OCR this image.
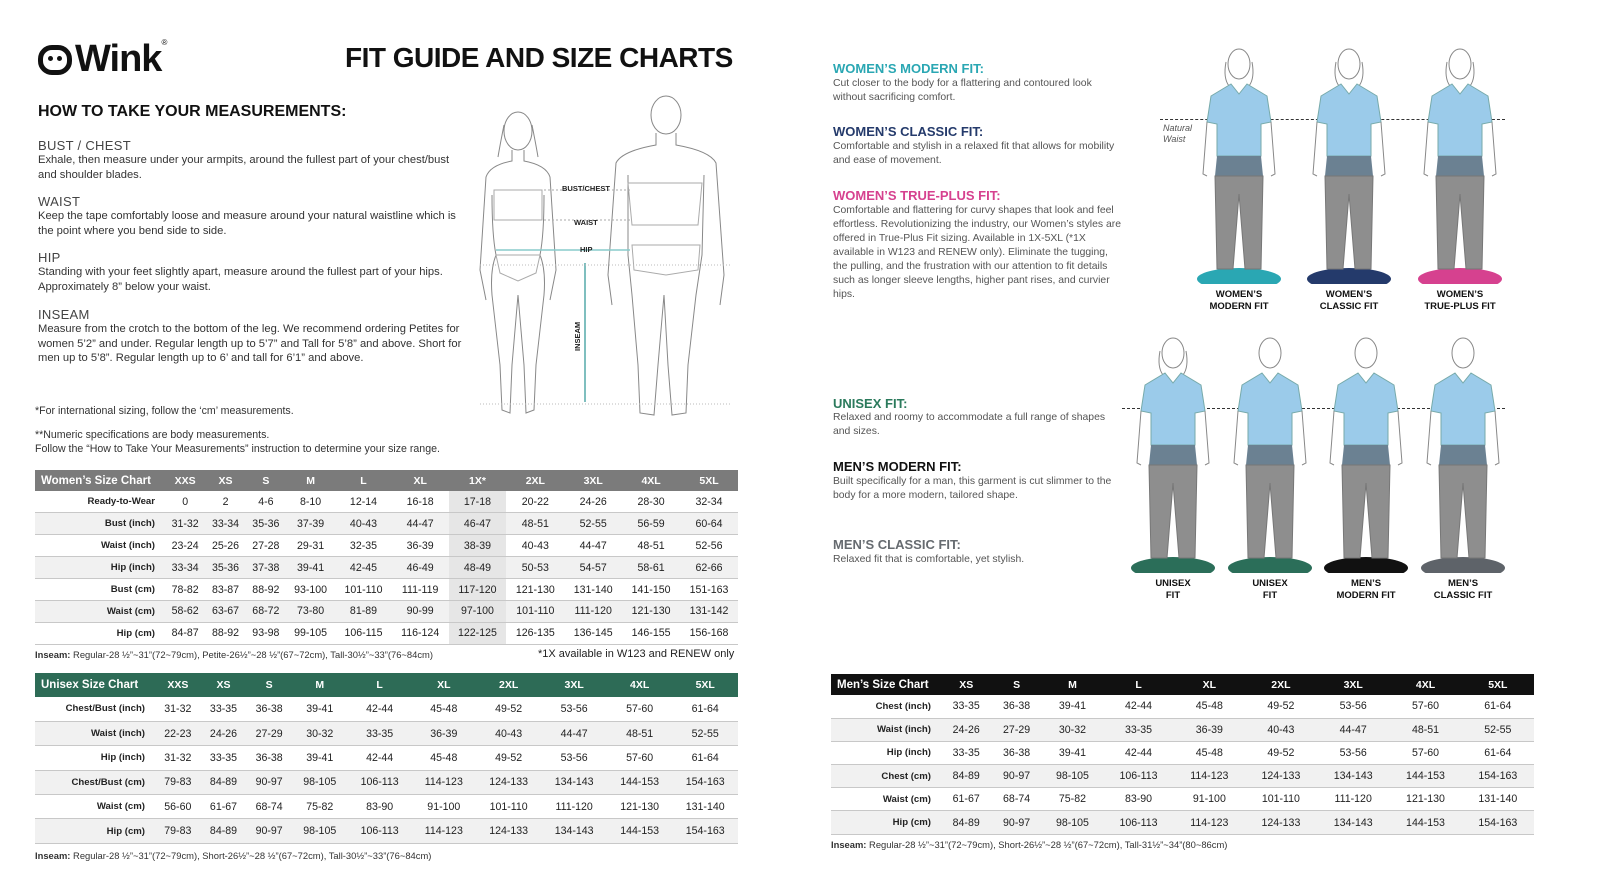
Wink ®	FIT GUIDE AND SIZE CHARTS
HOW TO TAKE YOUR MEASUREMENTS:
BUST / CHEST

Exhale, then measure under your armpits, around the fullest part of your chest/bust and shoulder blades.

WAIST

Keep the tape comfortably loose and measure around your natural waistline which is the point where you bend side to side.

HIP

Standing with your feet slightly apart, measure around the fullest part of your hips. Approximately 8” below your waist.

INSEAM

Measure from the crotch to the bottom of the leg. We recommend ordering Petites for women 5’2” and under. Regular length up to 5’7” and Tall for 5’8” and above. Short for men up to 5’8”. Regular length up to 6’ and tall for 6’1” and above.

*For international sizing, follow the ‘cm’ measurements.
**Numeric specifications are body measurements.
Follow the “How to Take Your Measurements” instruction to determine your size range.
BUST/CHEST
WAIST
HIP
INSEAM
Women’s Size Chart	XXS	XS	S	M	L	XL	1X*	2XL	3XL	4XL	5XL
Ready-to-Wear	0	2	4-6	8-10	12-14	16-18	17-18	20-22	24-26	28-30	32-34
Bust (inch)	31-32	33-34	35-36	37-39	40-43	44-47	46-47	48-51	52-55	56-59	60-64
Waist (inch)	23-24	25-26	27-28	29-31	32-35	36-39	38-39	40-43	44-47	48-51	52-56
Hip (inch)	33-34	35-36	37-38	39-41	42-45	46-49	48-49	50-53	54-57	58-61	62-66
Bust (cm)	78-82	83-87	88-92	93-100	101-110	111-119	117-120	121-130	131-140	141-150	151-163
Waist (cm)	58-62	63-67	68-72	73-80	81-89	90-99	97-100	101-110	111-120	121-130	131-142
Hip (cm)	84-87	88-92	93-98	99-105	106-115	116-124	122-125	126-135	136-145	146-155	156-168
Inseam: Regular-28 ½”~31”(72~79cm), Petite-26½”~28 ½”(67~72cm), Tall-30½”~33”(76~84cm)	*1X available in W123 and RENEW only
Unisex Size Chart	XXS	XS	S	M	L	XL	2XL	3XL	4XL	5XL
Chest/Bust (inch)	31-32	33-35	36-38	39-41	42-44	45-48	49-52	53-56	57-60	61-64
Waist (inch)	22-23	24-26	27-29	30-32	33-35	36-39	40-43	44-47	48-51	52-55
Hip (inch)	31-32	33-35	36-38	39-41	42-44	45-48	49-52	53-56	57-60	61-64
Chest/Bust (cm)	79-83	84-89	90-97	98-105	106-113	114-123	124-133	134-143	144-153	154-163
Waist (cm)	56-60	61-67	68-74	75-82	83-90	91-100	101-110	111-120	121-130	131-140
Hip (cm)	79-83	84-89	90-97	98-105	106-113	114-123	124-133	134-143	144-153	154-163
Inseam: Regular-28 ½”~31”(72~79cm), Short-26½”~28 ½”(67~72cm), Tall-30½”~33”(76~84cm)
Men’s Size Chart	XS	S	M	L	XL	2XL	3XL	4XL	5XL
Chest (inch)	33-35	36-38	39-41	42-44	45-48	49-52	53-56	57-60	61-64
Waist (inch)	24-26	27-29	30-32	33-35	36-39	40-43	44-47	48-51	52-55
Hip (inch)	33-35	36-38	39-41	42-44	45-48	49-52	53-56	57-60	61-64
Chest (cm)	84-89	90-97	98-105	106-113	114-123	124-133	134-143	144-153	154-163
Waist (cm)	61-67	68-74	75-82	83-90	91-100	101-110	111-120	121-130	131-140
Hip (cm)	84-89	90-97	98-105	106-113	114-123	124-133	134-143	144-153	154-163
Inseam: Regular-28 ½”~31”(72~79cm), Short-26½”~28 ½”(67~72cm), Tall-31½”~34”(80~86cm)
WOMEN’S MODERN FIT:
Cut closer to the body for a flattering and contoured look without sacrificing comfort.
WOMEN’S CLASSIC FIT:
Comfortable and stylish in a relaxed fit that allows for mobility and ease of movement.
WOMEN’S TRUE-PLUS FIT:
Comfortable and flattering for curvy shapes that look and feel effortless. Revolutionizing the industry, our Women’s styles are offered in True-Plus Fit sizing. Available in 1X-5XL (*1X available in W123 and RENEW only). Eliminate the tugging, the pulling, and the frustration with our attention to fit details such as longer sleeve lengths, higher pant rises, and curvier hips.
UNISEX FIT:
Relaxed and roomy to accommodate a full range of shapes and sizes.
MEN’S MODERN FIT:
Built specifically for a man, this garment is cut slimmer to the body for a more modern, tailored shape.
MEN’S CLASSIC FIT:
Relaxed fit that is comfortable, yet stylish.
Natural
Waist
WOMEN’S
MODERN FIT
WOMEN’S
CLASSIC FIT
WOMEN’S
TRUE-PLUS FIT
UNISEX
FIT
UNISEX
FIT
MEN’S
MODERN FIT
MEN’S
CLASSIC FIT
